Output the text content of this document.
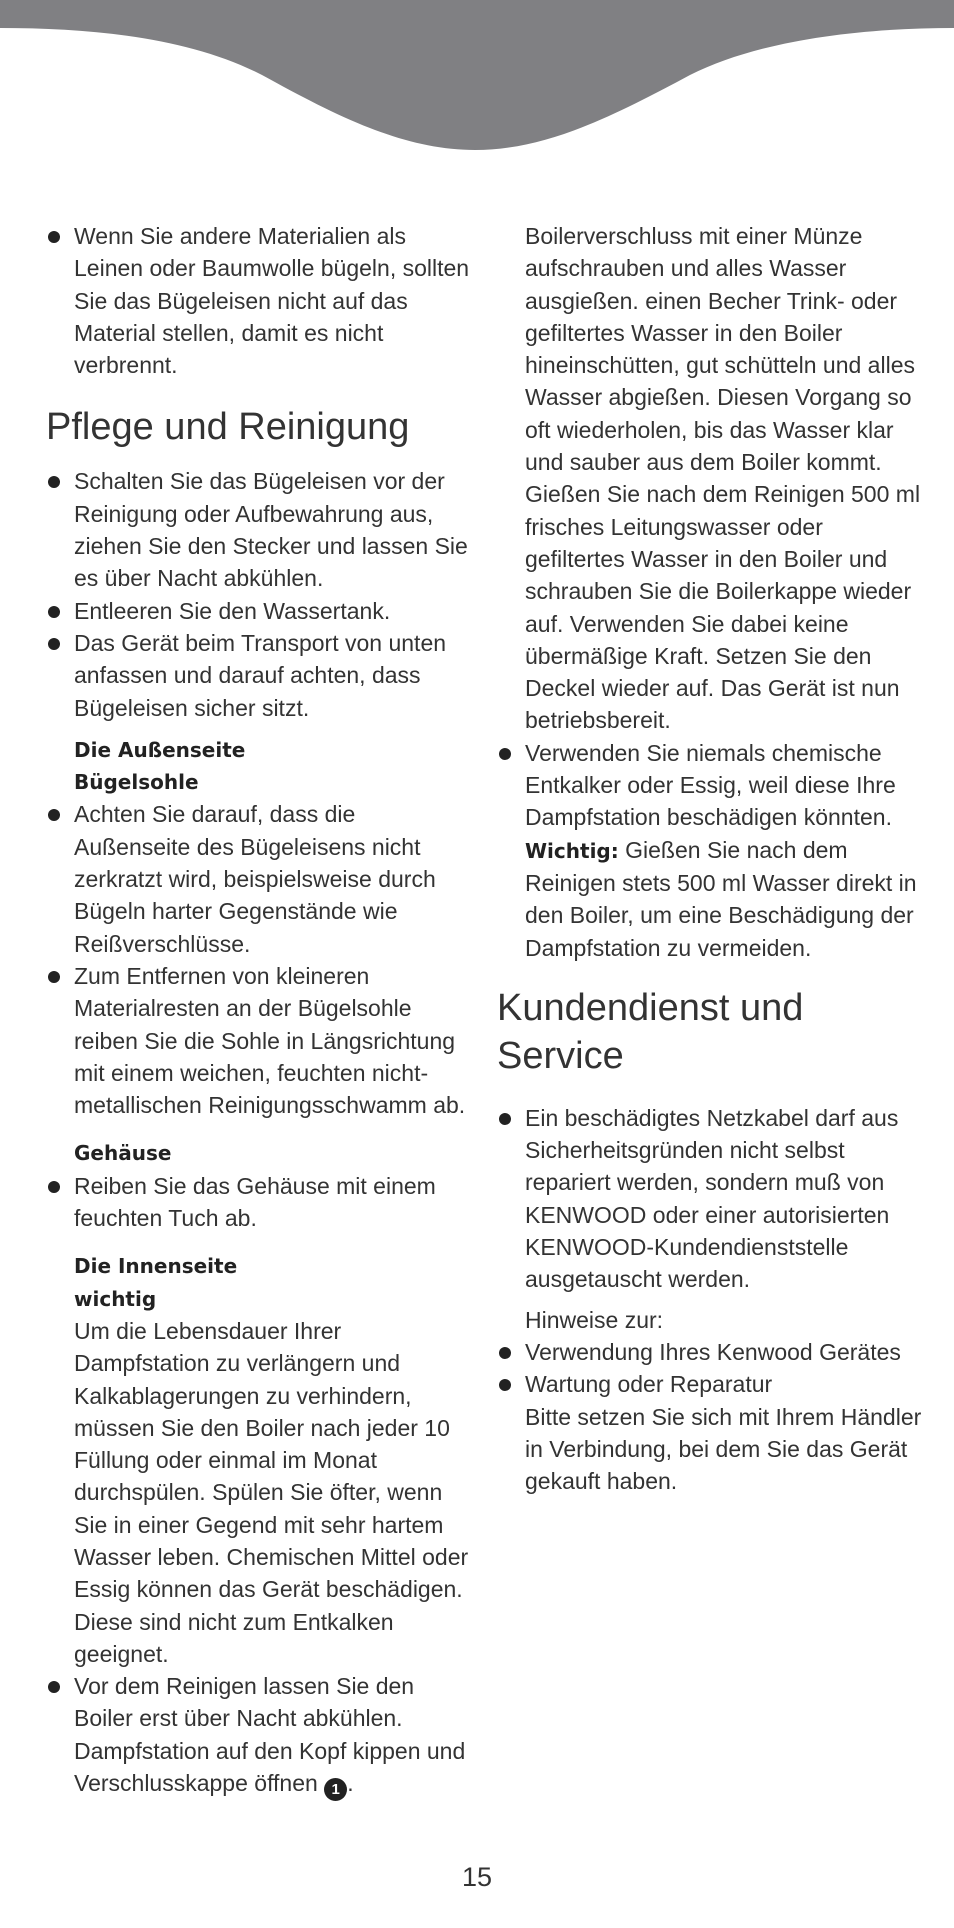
Wenn Sie andere Materialien als Leinen oder Baumwolle bügeln, sollten Sie das Bügeleisen nicht auf das Material stellen, damit es nicht verbrennt.
Pflege und Reinigung
Schalten Sie das Bügeleisen vor der Reinigung oder Aufbewahrung aus, ziehen Sie den Stecker und lassen Sie es über Nacht abkühlen.
Entleeren Sie den Wassertank.
Das Gerät beim Transport von unten anfassen und darauf achten, dass Bügeleisen sicher sitzt.
Die Außenseite
Bügelsohle
Achten Sie darauf, dass die Außenseite des Bügeleisens nicht zerkratzt wird, beispielsweise durch Bügeln harter Gegenstände wie Reißverschlüsse.
Zum Entfernen von kleineren Materialresten an der Bügelsohle reiben Sie die Sohle in Längsrichtung mit einem weichen, feuchten nicht-metallischen Reinigungsschwamm ab.
Gehäuse
Reiben Sie das Gehäuse mit einem feuchten Tuch ab.
Die Innenseite
wichtig

Um die Lebensdauer Ihrer Dampfstation zu verlängern und Kalkablagerungen zu verhindern, müssen Sie den Boiler nach jeder 10 Füllung oder einmal im Monat durchspülen. Spülen Sie öfter, wenn Sie in einer Gegend mit sehr hartem Wasser leben. Chemischen Mittel oder Essig können das Gerät beschädigen. Diese sind nicht zum Entkalken geeignet.

Vor dem Reinigen lassen Sie den Boiler erst über Nacht abkühlen. Dampfstation auf den Kopf kippen und Verschlusskappe öffnen 1 .

Boilerverschluss mit einer Münze aufschrauben und alles Wasser ausgießen. einen Becher Trink- oder gefiltertes Wasser in den Boiler hineinschütten, gut schütteln und alles Wasser abgießen. Diesen Vorgang so oft wiederholen, bis das Wasser klar und sauber aus dem Boiler kommt.

Gießen Sie nach dem Reinigen 500 ml frisches Leitungswasser oder gefiltertes Wasser in den Boiler und schrauben Sie die Boilerkappe wieder auf. Verwenden Sie dabei keine übermäßige Kraft. Setzen Sie den Deckel wieder auf. Das Gerät ist nun betriebsbereit.

Verwenden Sie niemals chemische Entkalker oder Essig, weil diese Ihre Dampfstation beschädigen könnten. Wichtig: Gießen Sie nach dem Reinigen stets 500 ml Wasser direkt in den Boiler, um eine Beschädigung der Dampfstation zu vermeiden.
Kundendienst und
Service
Ein beschädigtes Netzkabel darf aus Sicherheitsgründen nicht selbst repariert werden, sondern muß von KENWOOD oder einer autorisierten KENWOOD-Kundendienststelle ausgetauscht werden.

Hinweise zur:

Verwendung Ihres Kenwood Gerätes
Wartung oder Reparatur

Bitte setzen Sie sich mit Ihrem Händler in Verbindung, bei dem Sie das Gerät gekauft haben.

15
